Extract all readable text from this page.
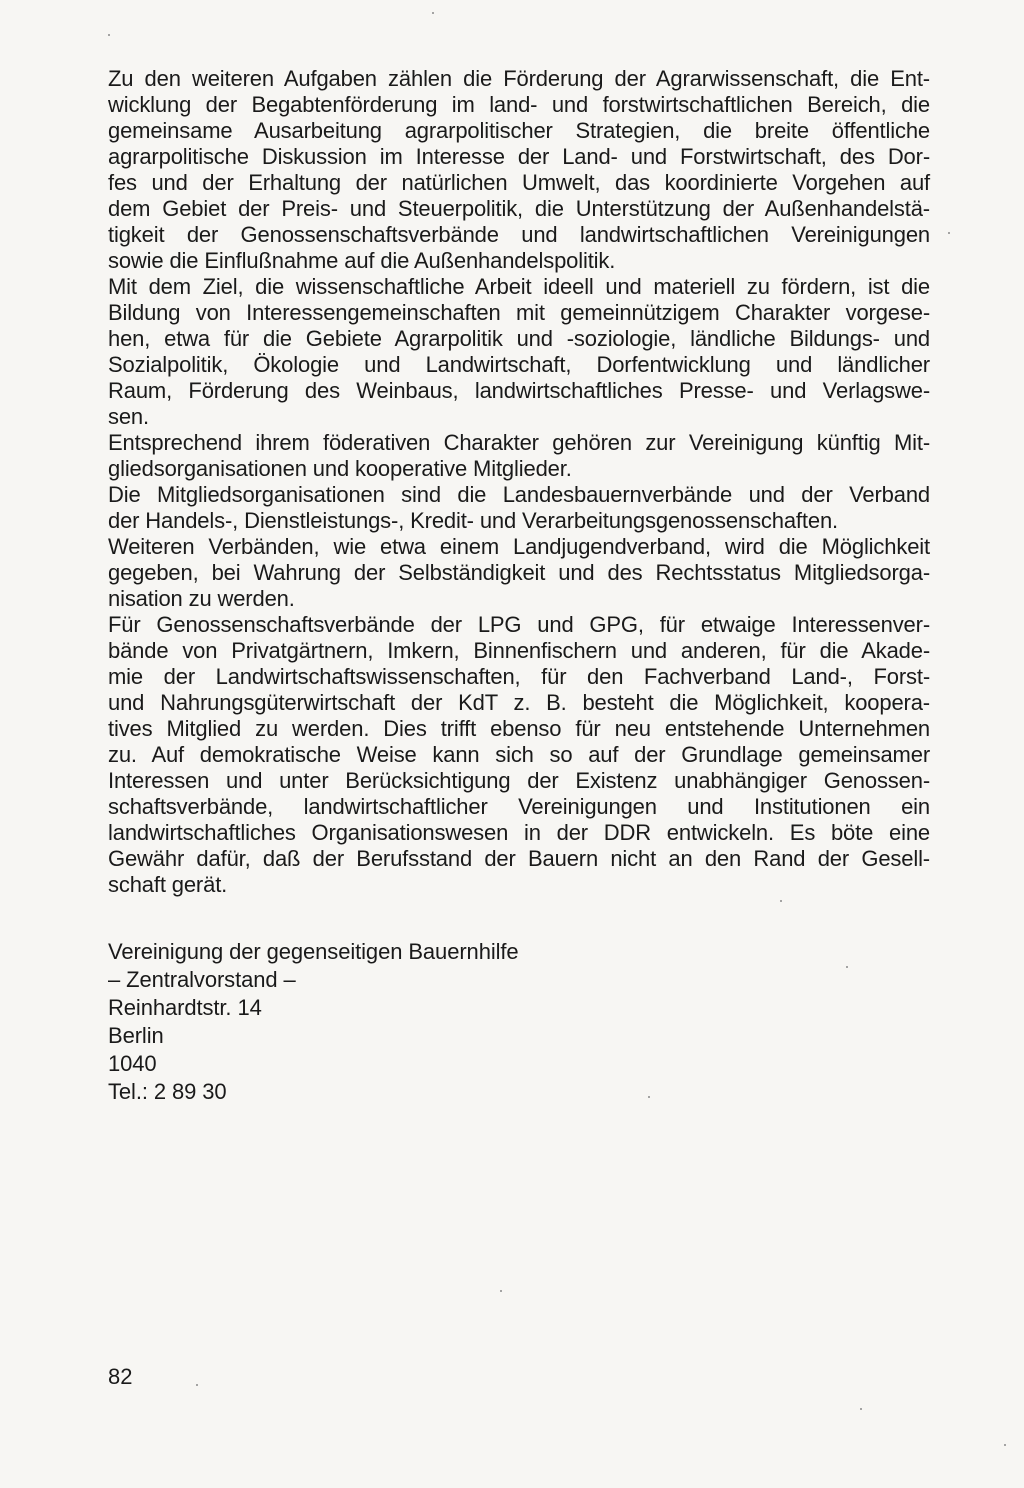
Zu den weiteren Aufgaben zählen die Förderung der Agrarwissenschaft, die Ent-
wicklung der Begabtenförderung im land- und forstwirtschaftlichen Bereich, die
gemeinsame Ausarbeitung agrarpolitischer Strategien, die breite öffentliche
agrarpolitische Diskussion im Interesse der Land- und Forstwirtschaft, des Dor-
fes und der Erhaltung der natürlichen Umwelt, das koordinierte Vorgehen auf
dem Gebiet der Preis- und Steuerpolitik, die Unterstützung der Außenhandelstä-
tigkeit der Genossenschaftsverbände und landwirtschaftlichen Vereinigungen
sowie die Einflußnahme auf die Außenhandelspolitik.
Mit dem Ziel, die wissenschaftliche Arbeit ideell und materiell zu fördern, ist die
Bildung von Interessengemeinschaften mit gemeinnützigem Charakter vorgese-
hen, etwa für die Gebiete Agrarpolitik und -soziologie, ländliche Bildungs- und
Sozialpolitik, Ökologie und Landwirtschaft, Dorfentwicklung und ländlicher
Raum, Förderung des Weinbaus, landwirtschaftliches Presse- und Verlagswe-
sen.
Entsprechend ihrem föderativen Charakter gehören zur Vereinigung künftig Mit-
gliedsorganisationen und kooperative Mitglieder.
Die Mitgliedsorganisationen sind die Landesbauernverbände und der Verband
der Handels-, Dienstleistungs-, Kredit- und Verarbeitungsgenossenschaften.
Weiteren Verbänden, wie etwa einem Landjugendverband, wird die Möglichkeit
gegeben, bei Wahrung der Selbständigkeit und des Rechtsstatus Mitgliedsorga-
nisation zu werden.
Für Genossenschaftsverbände der LPG und GPG, für etwaige Interessenver-
bände von Privatgärtnern, Imkern, Binnenfischern und anderen, für die Akade-
mie der Landwirtschaftswissenschaften, für den Fachverband Land-, Forst-
und Nahrungsgüterwirtschaft der KdT z. B. besteht die Möglichkeit, koopera-
tives Mitglied zu werden. Dies trifft ebenso für neu entstehende Unternehmen
zu. Auf demokratische Weise kann sich so auf der Grundlage gemeinsamer
Interessen und unter Berücksichtigung der Existenz unabhängiger Genossen-
schaftsverbände, landwirtschaftlicher Vereinigungen und Institutionen ein
landwirtschaftliches Organisationswesen in der DDR entwickeln. Es böte eine
Gewähr dafür, daß der Berufsstand der Bauern nicht an den Rand der Gesell-
schaft gerät.
Vereinigung der gegenseitigen Bauernhilfe
– Zentralvorstand –
Reinhardtstr. 14
Berlin
1040
Tel.: 2 89 30
82
